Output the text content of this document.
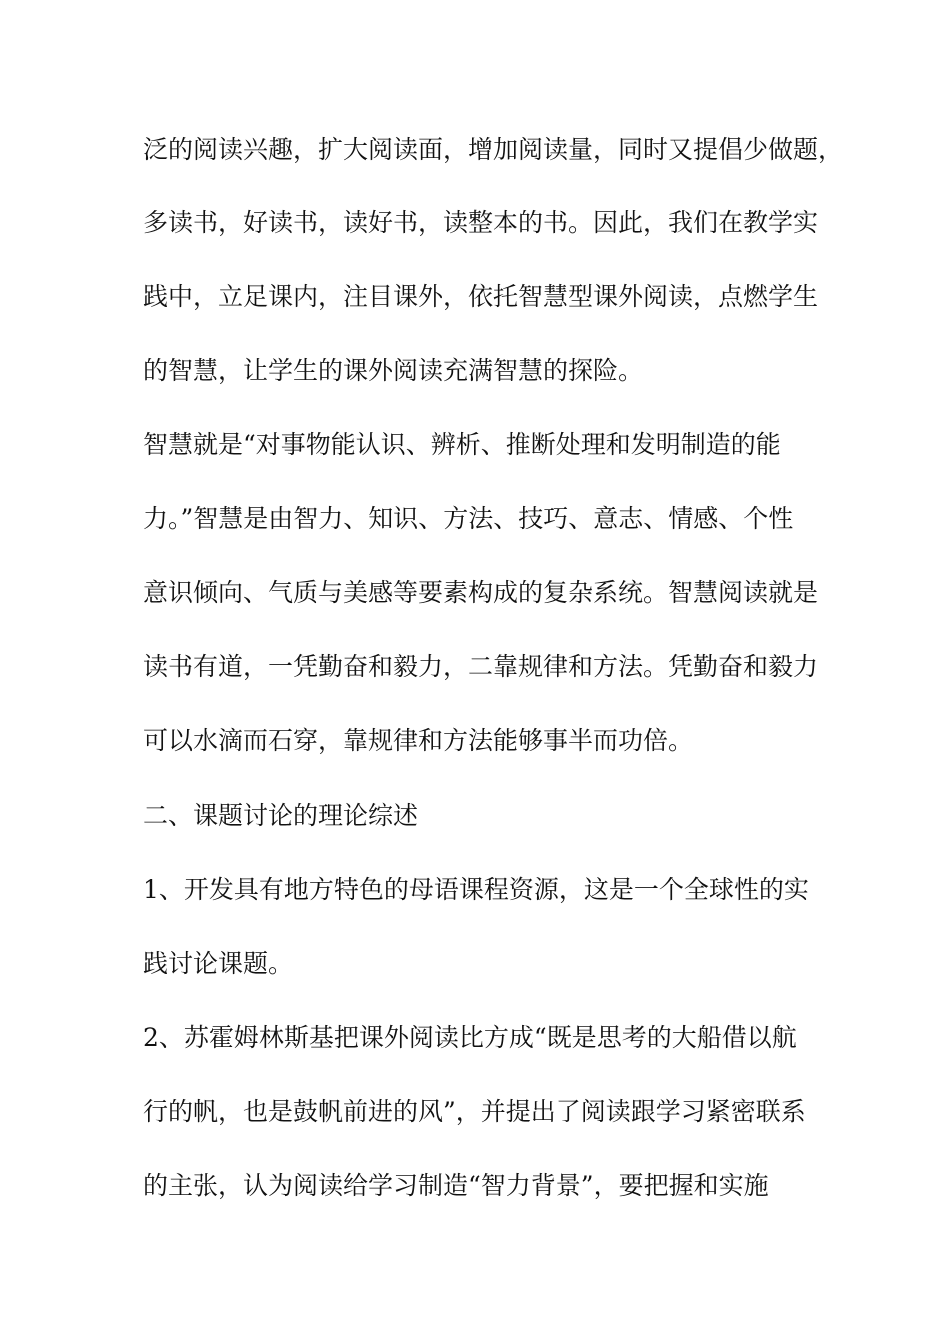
泛的阅读兴趣，扩大阅读面，增加阅读量，同时又提倡少做题，
多读书，好读书，读好书，读整本的书。因此，我们在教学实
践中，立足课内，注目课外，依托智慧型课外阅读，点燃学生
的智慧，让学生的课外阅读充满智慧的探险。
智慧就是“对事物能认识、辨析、推断处理和发明制造的能
力。”智慧是由智力、知识、方法、技巧、意志、情感、个性
意识倾向、气质与美感等要素构成的复杂系统。智慧阅读就是
读书有道，一凭勤奋和毅力，二靠规律和方法。凭勤奋和毅力
可以水滴而石穿，靠规律和方法能够事半而功倍。
二、课题讨论的理论综述
1、开发具有地方特色的母语课程资源，这是一个全球性的实
践讨论课题。
2、苏霍姆林斯基把课外阅读比方成“既是思考的大船借以航
行的帆，也是鼓帆前进的风”，并提出了阅读跟学习紧密联系
的主张，认为阅读给学习制造“智力背景”，要把握和实施
